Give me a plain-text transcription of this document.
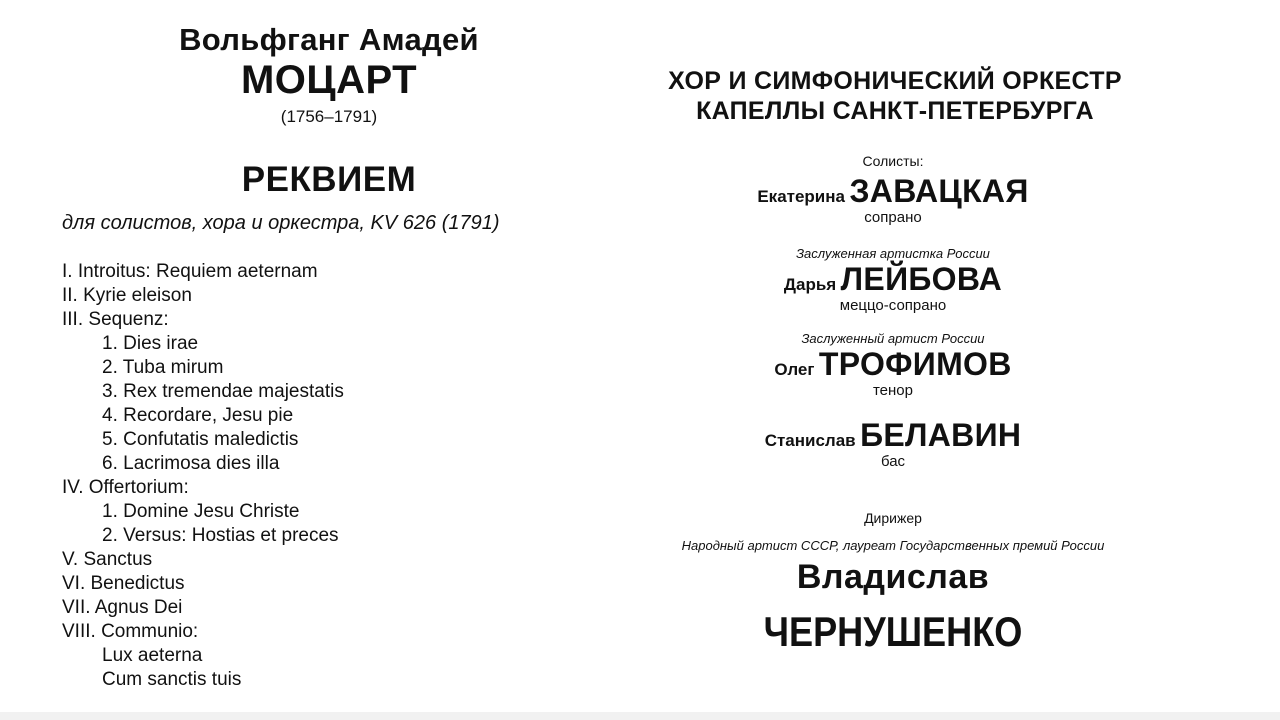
Вольфганг Амадей
МОЦАРТ
(1756–1791)
РЕКВИЕМ
для солистов, хора и оркестра, KV 626 (1791)
I. Introitus: Requiem aeternam
II. Kyrie eleison
III. Sequenz:
1. Dies irae
2. Tuba mirum
3. Rex tremendae majestatis
4. Recordare, Jesu pie
5. Confutatis maledictis
6. Lacrimosa dies illa
IV. Offertorium:
1. Domine Jesu Christe
2. Versus: Hostias et preces
V. Sanctus
VI. Benedictus
VII. Agnus Dei
VIII. Communio:
Lux aeterna
Cum sanctis tuis
ХОР И СИМФОНИЧЕСКИЙ ОРКЕСТР
КАПЕЛЛЫ САНКТ-ПЕТЕРБУРГА
Солисты:
Екатерина ЗАВАЦКАЯ
сопрано
Заслуженная артистка России
Дарья ЛЕЙБОВА
меццо-сопрано
Заслуженный артист России
Олег ТРОФИМОВ
тенор
Станислав БЕЛАВИН
бас
Дирижер
Народный артист СССР, лауреат Государственных премий России
Владислав
ЧЕРНУШЕНКО
